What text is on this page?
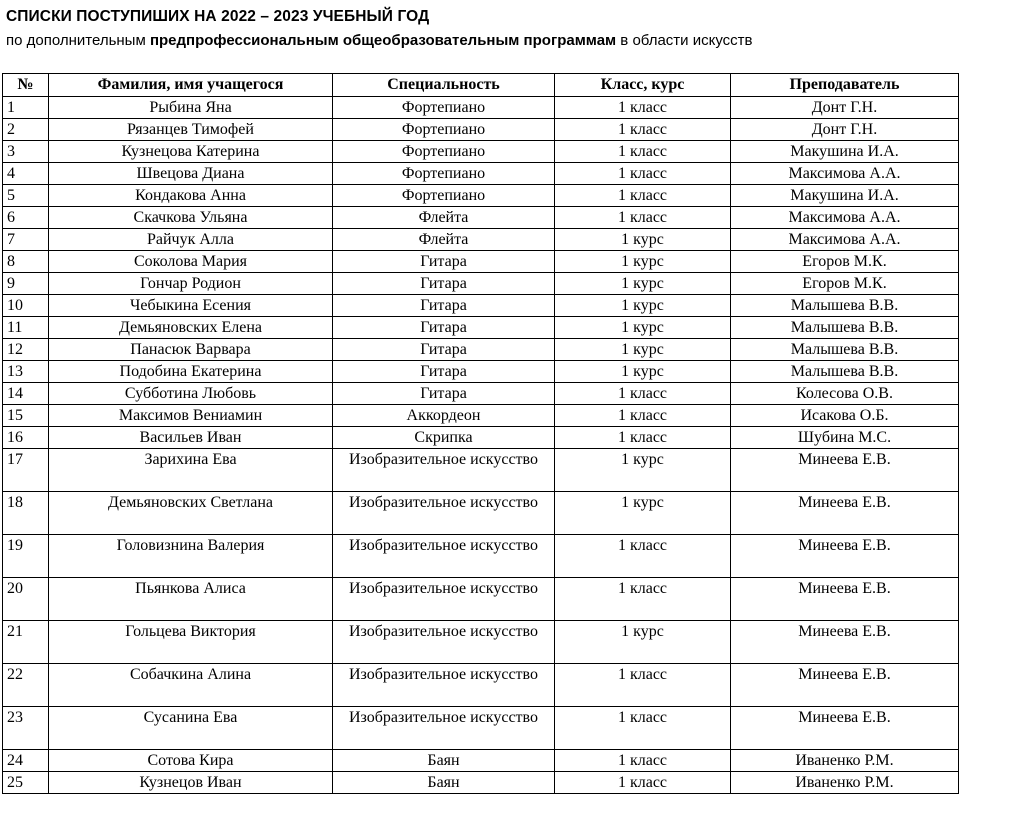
СПИСКИ ПОСТУПИШИХ НА 2022 – 2023 УЧЕБНЫЙ ГОД
по дополнительным предпрофессиональным общеобразовательным программам в области искусств
№	Фамилия, имя учащегося	Специальность	Класс, курс	Преподаватель
1	Рыбина Яна	Фортепиано	1 класс	Донт Г.Н.
2	Рязанцев Тимофей	Фортепиано	1 класс	Донт Г.Н.
3	Кузнецова Катерина	Фортепиано	1 класс	Макушина И.А.
4	Швецова Диана	Фортепиано	1 класс	Максимова А.А.
5	Кондакова Анна	Фортепиано	1 класс	Макушина И.А.
6	Скачкова Ульяна	Флейта	1 класс	Максимова А.А.
7	Райчук Алла	Флейта	1 курс	Максимова А.А.
8	Соколова Мария	Гитара	1 курс	Егоров М.К.
9	Гончар Родион	Гитара	1 курс	Егоров М.К.
10	Чебыкина Есения	Гитара	1 курс	Малышева В.В.
11	Демьяновских Елена	Гитара	1 курс	Малышева В.В.
12	Панасюк Варвара	Гитара	1 курс	Малышева В.В.
13	Подобина Екатерина	Гитара	1 курс	Малышева В.В.
14	Субботина Любовь	Гитара	1 класс	Колесова О.В.
15	Максимов Вениамин	Аккордеон	1 класс	Исакова О.Б.
16	Васильев Иван	Скрипка	1 класс	Шубина М.С.
17	Зарихина Ева	Изобразительное искусство	1 курс	Минеева Е.В.
18	Демьяновских Светлана	Изобразительное искусство	1 курс	Минеева Е.В.
19	Головизнина Валерия	Изобразительное искусство	1 класс	Минеева Е.В.
20	Пьянкова Алиса	Изобразительное искусство	1 класс	Минеева Е.В.
21	Гольцева Виктория	Изобразительное искусство	1 курс	Минеева Е.В.
22	Собачкина Алина	Изобразительное искусство	1 класс	Минеева Е.В.
23	Сусанина Ева	Изобразительное искусство	1 класс	Минеева Е.В.
24	Сотова Кира	Баян	1 класс	Иваненко Р.М.
25	Кузнецов Иван	Баян	1 класс	Иваненко Р.М.
